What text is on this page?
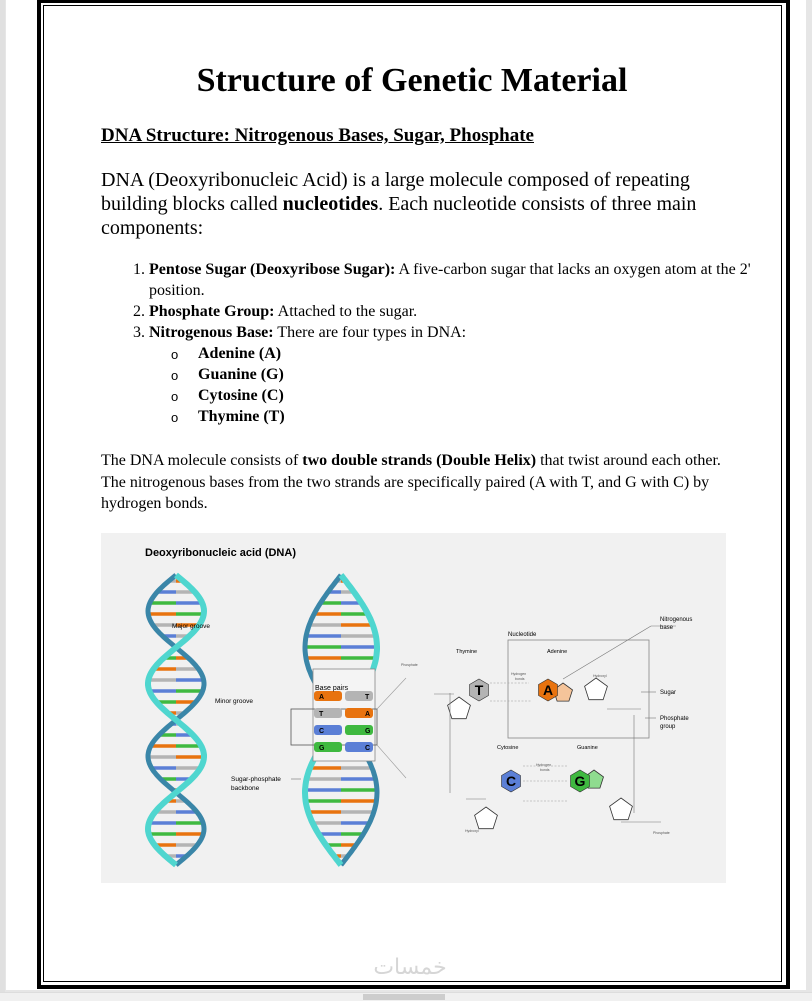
Structure of Genetic Material
DNA Structure: Nitrogenous Bases, Sugar, Phosphate
DNA (Deoxyribonucleic Acid) is a large molecule composed of repeating building blocks called nucleotides. Each nucleotide consists of three main components:
1. Pentose Sugar (Deoxyribose Sugar): A five-carbon sugar that lacks an oxygen atom at the 2' position.
2. Phosphate Group: Attached to the sugar.
3. Nitrogenous Base: There are four types in DNA:
o Adenine (A)
o Guanine (G)
o Cytosine (C)
o Thymine (T)
The DNA molecule consists of two double strands (Double Helix) that twist around each other. The nitrogenous bases from the two strands are specifically paired (A with T, and G with C) by hydrogen bonds.
A	T
T	A
C	G
G	C
Base pairs
Major groove
Minor groove
Sugar-phosphate
backbone
Nucleotide
Thymine	Adenine
Cytosine	Guanine
Hydrogen
bonds
Hydrogen
bonds
T	A
C	G
Nitrogenous
base
Sugar
Phosphate
group
Phosphate
Phosphate
Hydroxyl
Hydroxyl
Deoxyribonucleic acid (DNA)
خمسات
